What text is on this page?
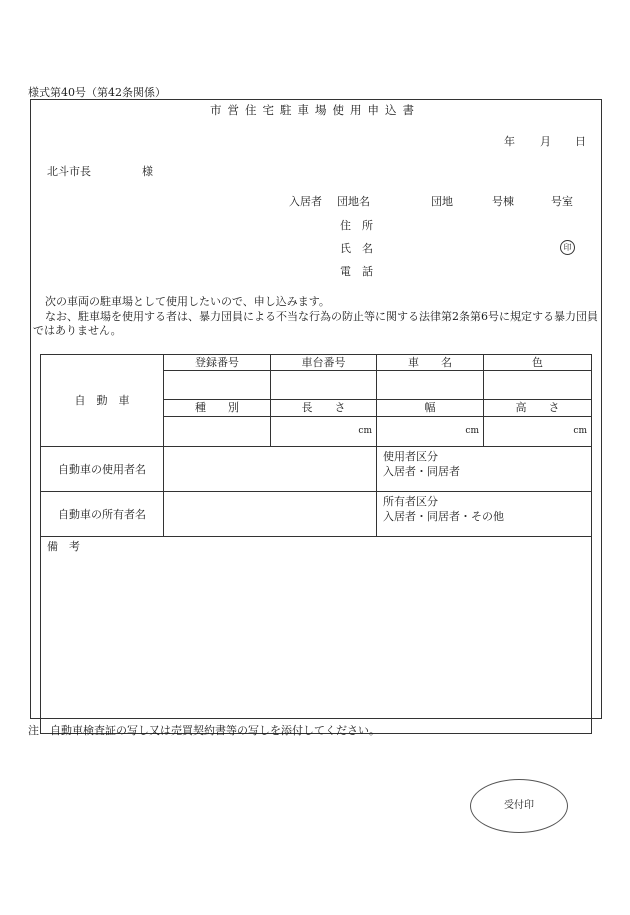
様式第40号（第42条関係）
市営住宅駐車場使用申込書
年 月 日
北斗市長	様
入居者 団地名	団地	号棟	号室
住　所
氏　名	印
電　話
次の車両の駐車場として使用したいので、申し込みます。
なお、駐車場を使用する者は、暴力団員による不当な行為の防止等に関する法律第2条第6号に規定する暴力団員ではありません。
自　動　車	登録番号	車台番号	車　　名	色

	種　　別	長　　さ	幅	高　　さ
		cm	cm	cm
自動車の使用者名			使用者区分
入居者・同居者	

自動車の所有者名			所有者区分
入居者・同居者・その他	

備　考				
注　自動車検査証の写し又は売買契約書等の写しを添付してください。
受付印
